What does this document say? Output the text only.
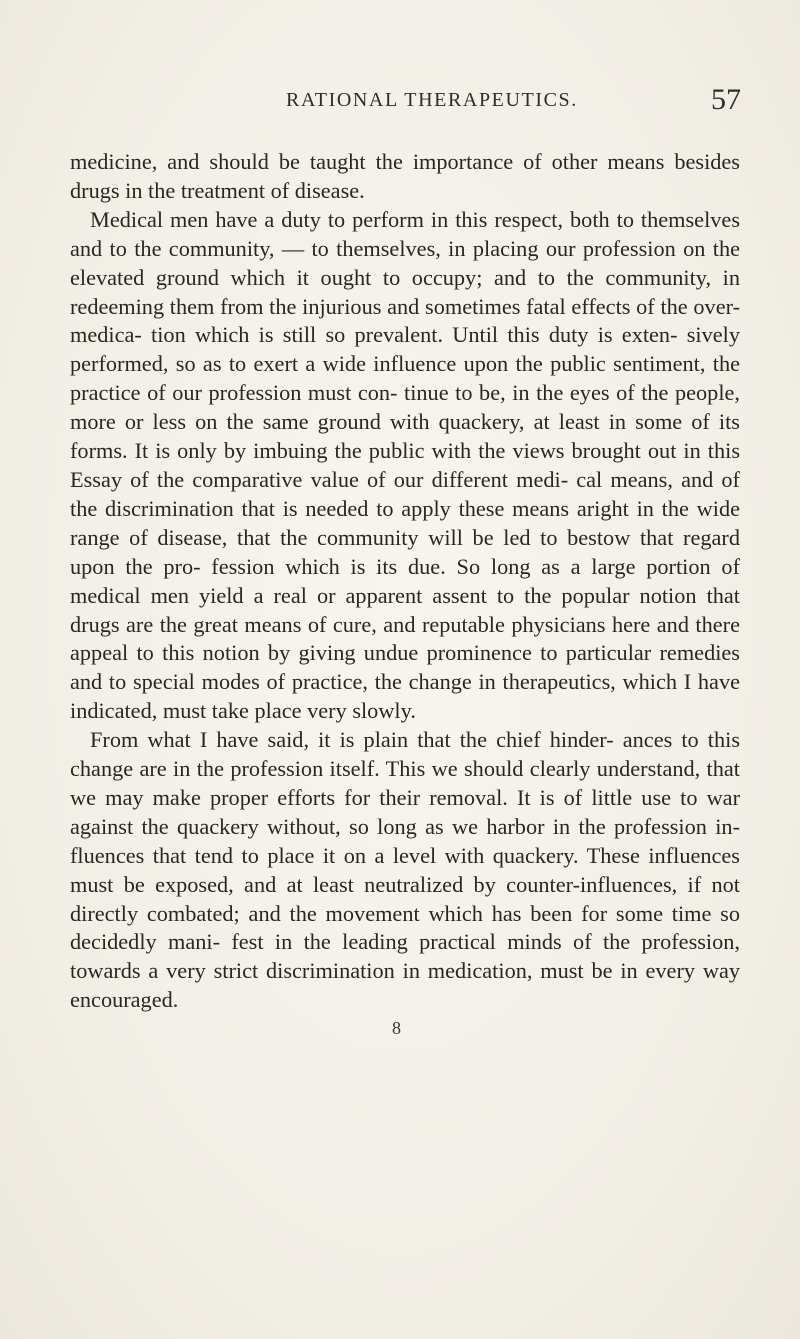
RATIONAL THERAPEUTICS.	57

medicine, and should be taught the importance of other means besides drugs in the treatment of disease.

Medical men have a duty to perform in this respect, both to themselves and to the community, — to themselves, in placing our profession on the elevated ground which it ought to occupy; and to the community, in redeeming them from the injurious and sometimes fatal effects of the over-medica- tion which is still so prevalent. Until this duty is exten- sively performed, so as to exert a wide influence upon the public sentiment, the practice of our profession must con- tinue to be, in the eyes of the people, more or less on the same ground with quackery, at least in some of its forms. It is only by imbuing the public with the views brought out in this Essay of the comparative value of our different medi- cal means, and of the discrimination that is needed to apply these means aright in the wide range of disease, that the community will be led to bestow that regard upon the pro- fession which is its due. So long as a large portion of medical men yield a real or apparent assent to the popular notion that drugs are the great means of cure, and reputable physicians here and there appeal to this notion by giving undue prominence to particular remedies and to special modes of practice, the change in therapeutics, which I have indicated, must take place very slowly.

From what I have said, it is plain that the chief hinder- ances to this change are in the profession itself. This we should clearly understand, that we may make proper efforts for their removal. It is of little use to war against the quackery without, so long as we harbor in the profession in- fluences that tend to place it on a level with quackery. These influences must be exposed, and at least neutralized by counter-influences, if not directly combated; and the movement which has been for some time so decidedly mani- fest in the leading practical minds of the profession, towards a very strict discrimination in medication, must be in every way encouraged.

8
